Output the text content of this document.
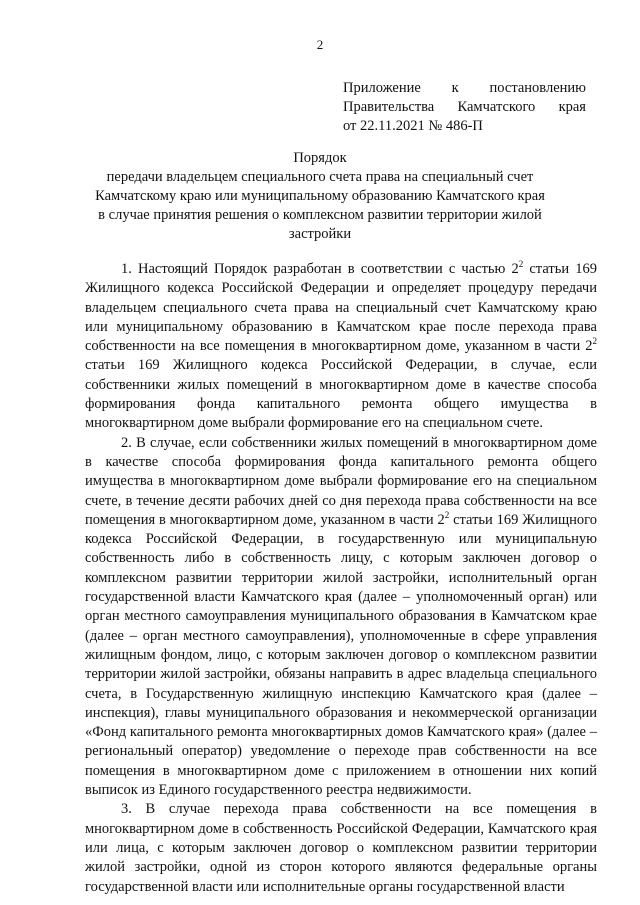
2
Приложение к постановлению
Правительства Камчатского края
от 22.11.2021 № 486-П
Порядок
передачи владельцем специального счета права на специальный счет Камчатскому краю или муниципальному образованию Камчатского края в случае принятия решения о комплексном развитии территории жилой застройки

1. Настоящий Порядок разработан в соответствии с частью $2^2$ статьи 169 Жилищного кодекса Российской Федерации и определяет процедуру передачи владельцем специального счета права на специальный счет Камчатскому краю или муниципальному образованию в Камчатском крае после перехода права собственности на все помещения в многоквартирном доме, указанном в части $2^2$ статьи 169 Жилищного кодекса Российской Федерации, в случае, если собственники жилых помещений в многоквартирном доме в качестве способа формирования фонда капитального ремонта общего имущества в многоквартирном доме выбрали формирование его на специальном счете.

2. В случае, если собственники жилых помещений в многоквартирном доме в качестве способа формирования фонда капитального ремонта общего имущества в многоквартирном доме выбрали формирование его на специальном счете, в течение десяти рабочих дней со дня перехода права собственности на все помещения в многоквартирном доме, указанном в части $2^2$ статьи 169 Жилищного кодекса Российской Федерации, в государственную или муниципальную собственность либо в собственность лицу, с которым заключен договор о комплексном развитии территории жилой застройки, исполнительный орган государственной власти Камчатского края (далее – уполномоченный орган) или орган местного самоуправления муниципального образования в Камчатском крае (далее – орган местного самоуправления), уполномоченные в сфере управления жилищным фондом, лицо, с которым заключен договор о комплексном развитии территории жилой застройки, обязаны направить в адрес владельца специального счета, в Государственную жилищную инспекцию Камчатского края (далее – инспекция), главы муниципального образования и некоммерческой организации «Фонд капитального ремонта многоквартирных домов Камчатского края» (далее – региональный оператор) уведомление о переходе прав собственности на все помещения в многоквартирном доме с приложением в отношении них копий выписок из Единого государственного реестра недвижимости.

3. В случае перехода права собственности на все помещения в многоквартирном доме в собственность Российской Федерации, Камчатского края или лица, с которым заключен договор о комплексном развитии территории жилой застройки, одной из сторон которого являются федеральные органы государственной власти или исполнительные органы государственной власти
